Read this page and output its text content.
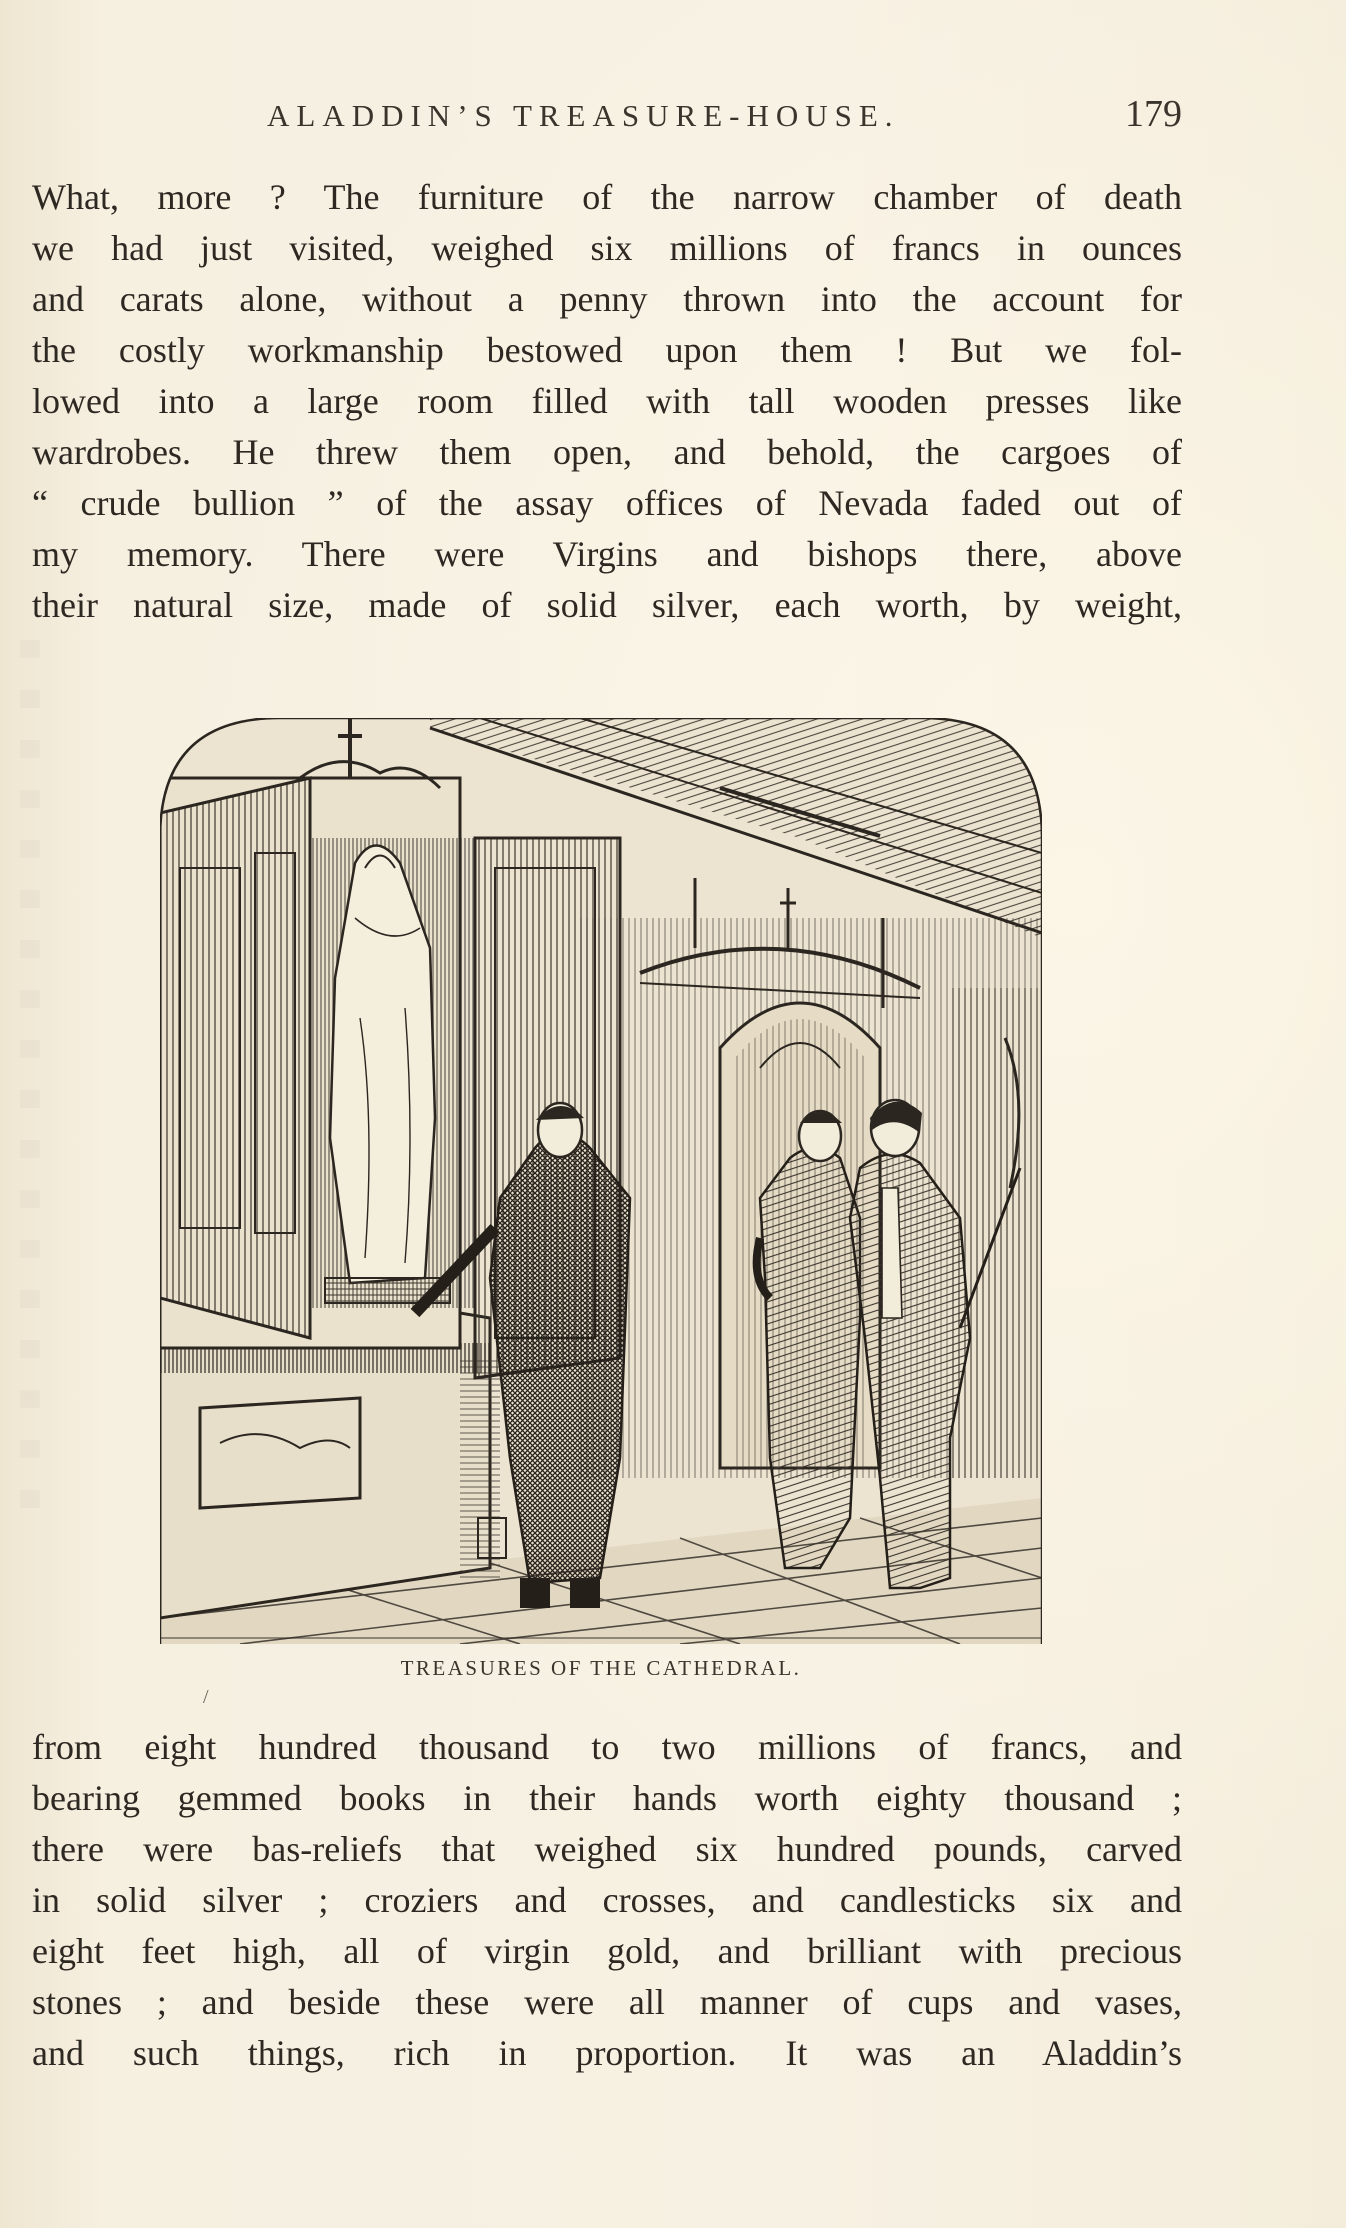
ALADDIN’S TREASURE-HOUSE.	179

What, more ? The furniture of the narrow chamber of death
we had just visited, weighed six millions of francs in ounces
and carats alone, without a penny thrown into the account for
the costly workmanship bestowed upon them ! But we fol-
lowed into a large room filled with tall wooden presses like
wardrobes. He threw them open, and behold, the cargoes of
“ crude bullion ” of the assay offices of Nevada faded out of
my memory. There were Virgins and bishops there, above
their natural size, made of solid silver, each worth, by weight,

TREASURES OF THE CATHEDRAL.
/

from eight hundred thousand to two millions of francs, and
bearing gemmed books in their hands worth eighty thousand ;
there were bas-reliefs that weighed six hundred pounds, carved
in solid silver ; croziers and crosses, and candlesticks six and
eight feet high, all of virgin gold, and brilliant with precious
stones ; and beside these were all manner of cups and vases,
and such things, rich in proportion. It was an Aladdin’s
